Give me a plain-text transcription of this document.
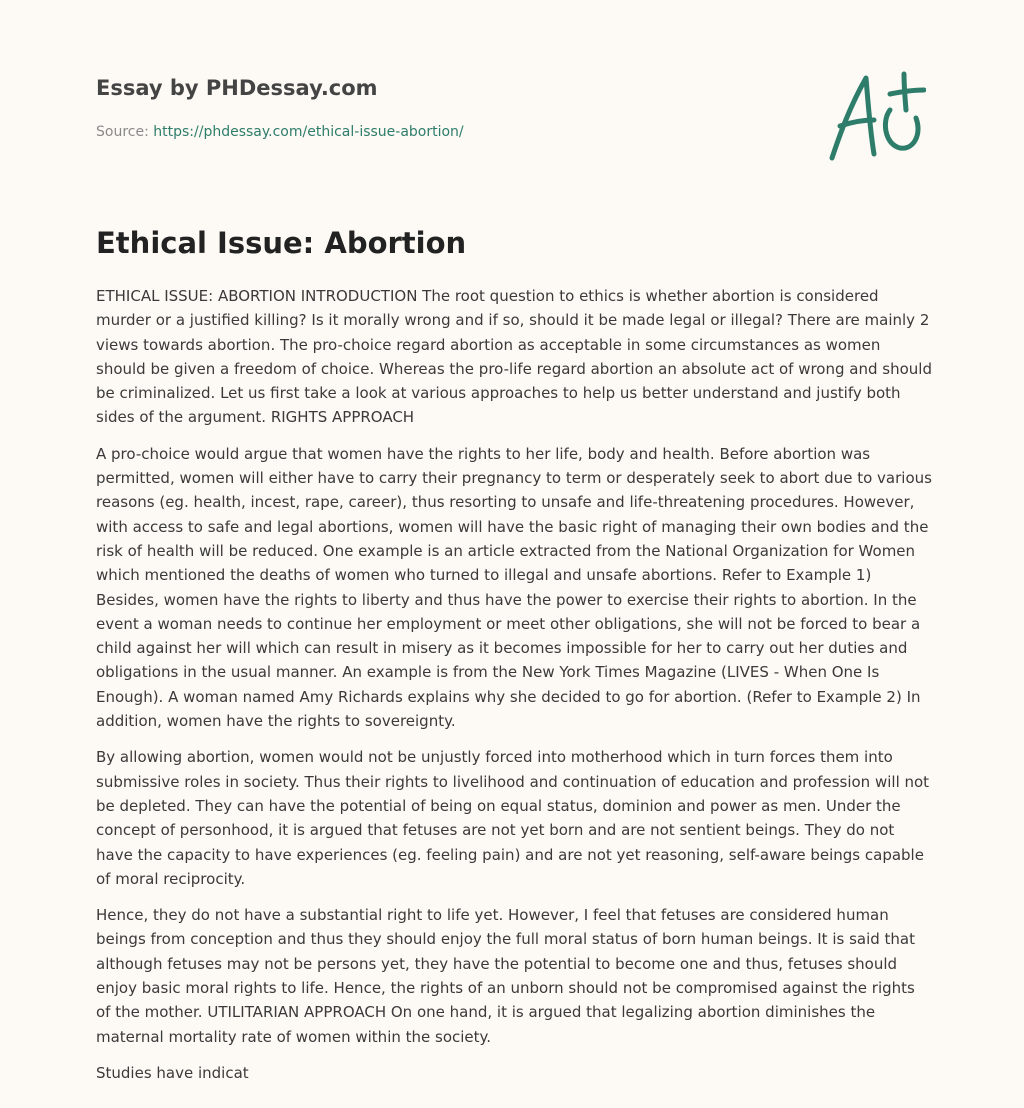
Essay by PHDessay.com
Source: https://phdessay.com/ethical-issue-abortion/
Ethical Issue: Abortion

ETHICAL ISSUE: ABORTION INTRODUCTION The root question to ethics is whether abortion is considered murder or a justified killing? Is it morally wrong and if so, should it be made legal or illegal? There are mainly 2 views towards abortion. The pro-choice regard abortion as acceptable in some circumstances as women should be given a freedom of choice. Whereas the pro-life regard abortion an absolute act of wrong and should be criminalized. Let us first take a look at various approaches to help us better understand and justify both sides of the argument. RIGHTS APPROACH

A pro-choice would argue that women have the rights to her life, body and health. Before abortion was permitted, women will either have to carry their pregnancy to term or desperately seek to abort due to various reasons (eg. health, incest, rape, career), thus resorting to unsafe and life-threatening procedures. However, with access to safe and legal abortions, women will have the basic right of managing their own bodies and the risk of health will be reduced. One example is an article extracted from the National Organization for Women which mentioned the deaths of women who turned to illegal and unsafe abortions. Refer to Example 1) Besides, women have the rights to liberty and thus have the power to exercise their rights to abortion. In the event a woman needs to continue her employment or meet other obligations, she will not be forced to bear a child against her will which can result in misery as it becomes impossible for her to carry out her duties and obligations in the usual manner. An example is from the New York Times Magazine (LIVES - When One Is Enough). A woman named Amy Richards explains why she decided to go for abortion. (Refer to Example 2) In addition, women have the rights to sovereignty.

By allowing abortion, women would not be unjustly forced into motherhood which in turn forces them into submissive roles in society. Thus their rights to livelihood and continuation of education and profession will not be depleted. They can have the potential of being on equal status, dominion and power as men. Under the concept of personhood, it is argued that fetuses are not yet born and are not sentient beings. They do not have the capacity to have experiences (eg. feeling pain) and are not yet reasoning, self-aware beings capable of moral reciprocity.

Hence, they do not have a substantial right to life yet. However, I feel that fetuses are considered human beings from conception and thus they should enjoy the full moral status of born human beings. It is said that although fetuses may not be persons yet, they have the potential to become one and thus, fetuses should enjoy basic moral rights to life. Hence, the rights of an unborn should not be compromised against the rights of the mother. UTILITARIAN APPROACH On one hand, it is argued that legalizing abortion diminishes the maternal mortality rate of women within the society.

Studies have indicat
